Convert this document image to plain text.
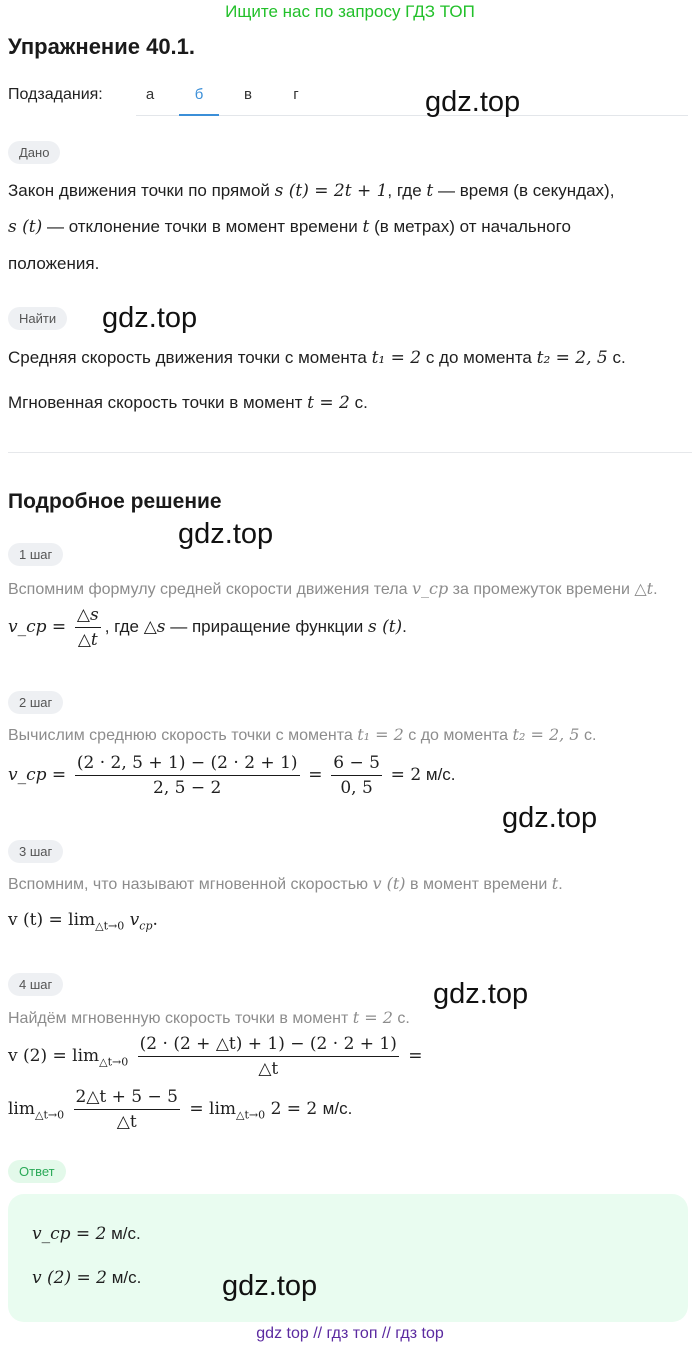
Ищите нас по запросу ГДЗ ТОП
Упражнение 40.1.
Подзадания:	а	б	в	г
Дано
Закон движения точки по прямой s (t) = 2t + 1, где t — время (в секундах),
s (t) — отклонение точки в момент времени t (в метрах) от начального
положения.
Найти
Средняя скорость движения точки с момента t₁ = 2 с до момента t₂ = 2, 5 с.
Мгновенная скорость точки в момент t = 2 с.
Подробное решение
1 шаг
Вспомним формулу средней скорости движения тела v_cp за промежуток времени △t.
v_cp = $\frac{\triangle s}{\triangle t}$ , где △s — приращение функции s (t).
2 шаг
Вычислим среднюю скорость точки с момента t₁ = 2 с до момента t₂ = 2, 5 с.
v_cp = $\frac{(2 \cdot 2, 5 + 1) - (2 \cdot 2 + 1)}{2, 5 - 2} = \frac{6 - 5}{0, 5} = 2$ м/с.
3 шаг
Вспомним, что называют мгновенной скоростью v (t) в момент времени t.
v $(t) = \lim_{\triangle t\to 0} v_{cp}$.
4 шаг
Найдём мгновенную скорость точки в момент t = 2 с.
v $(2) = \lim_{\triangle t\to 0} \frac{(2 \cdot (2 + \triangle t) + 1) - (2 \cdot 2 + 1)}{\triangle t}$ =
$\lim_{\triangle t\to 0} \frac{2\triangle t + 5 - 5}{\triangle t} = \lim_{\triangle t\to 0} 2 = 2$ м/с.
Ответ
v_cp = 2 м/с.
v (2) = 2 м/с.
gdz.top
gdz.top
gdz.top
gdz.top
gdz.top
gdz.top
gdz top // гдз топ // гдз top
